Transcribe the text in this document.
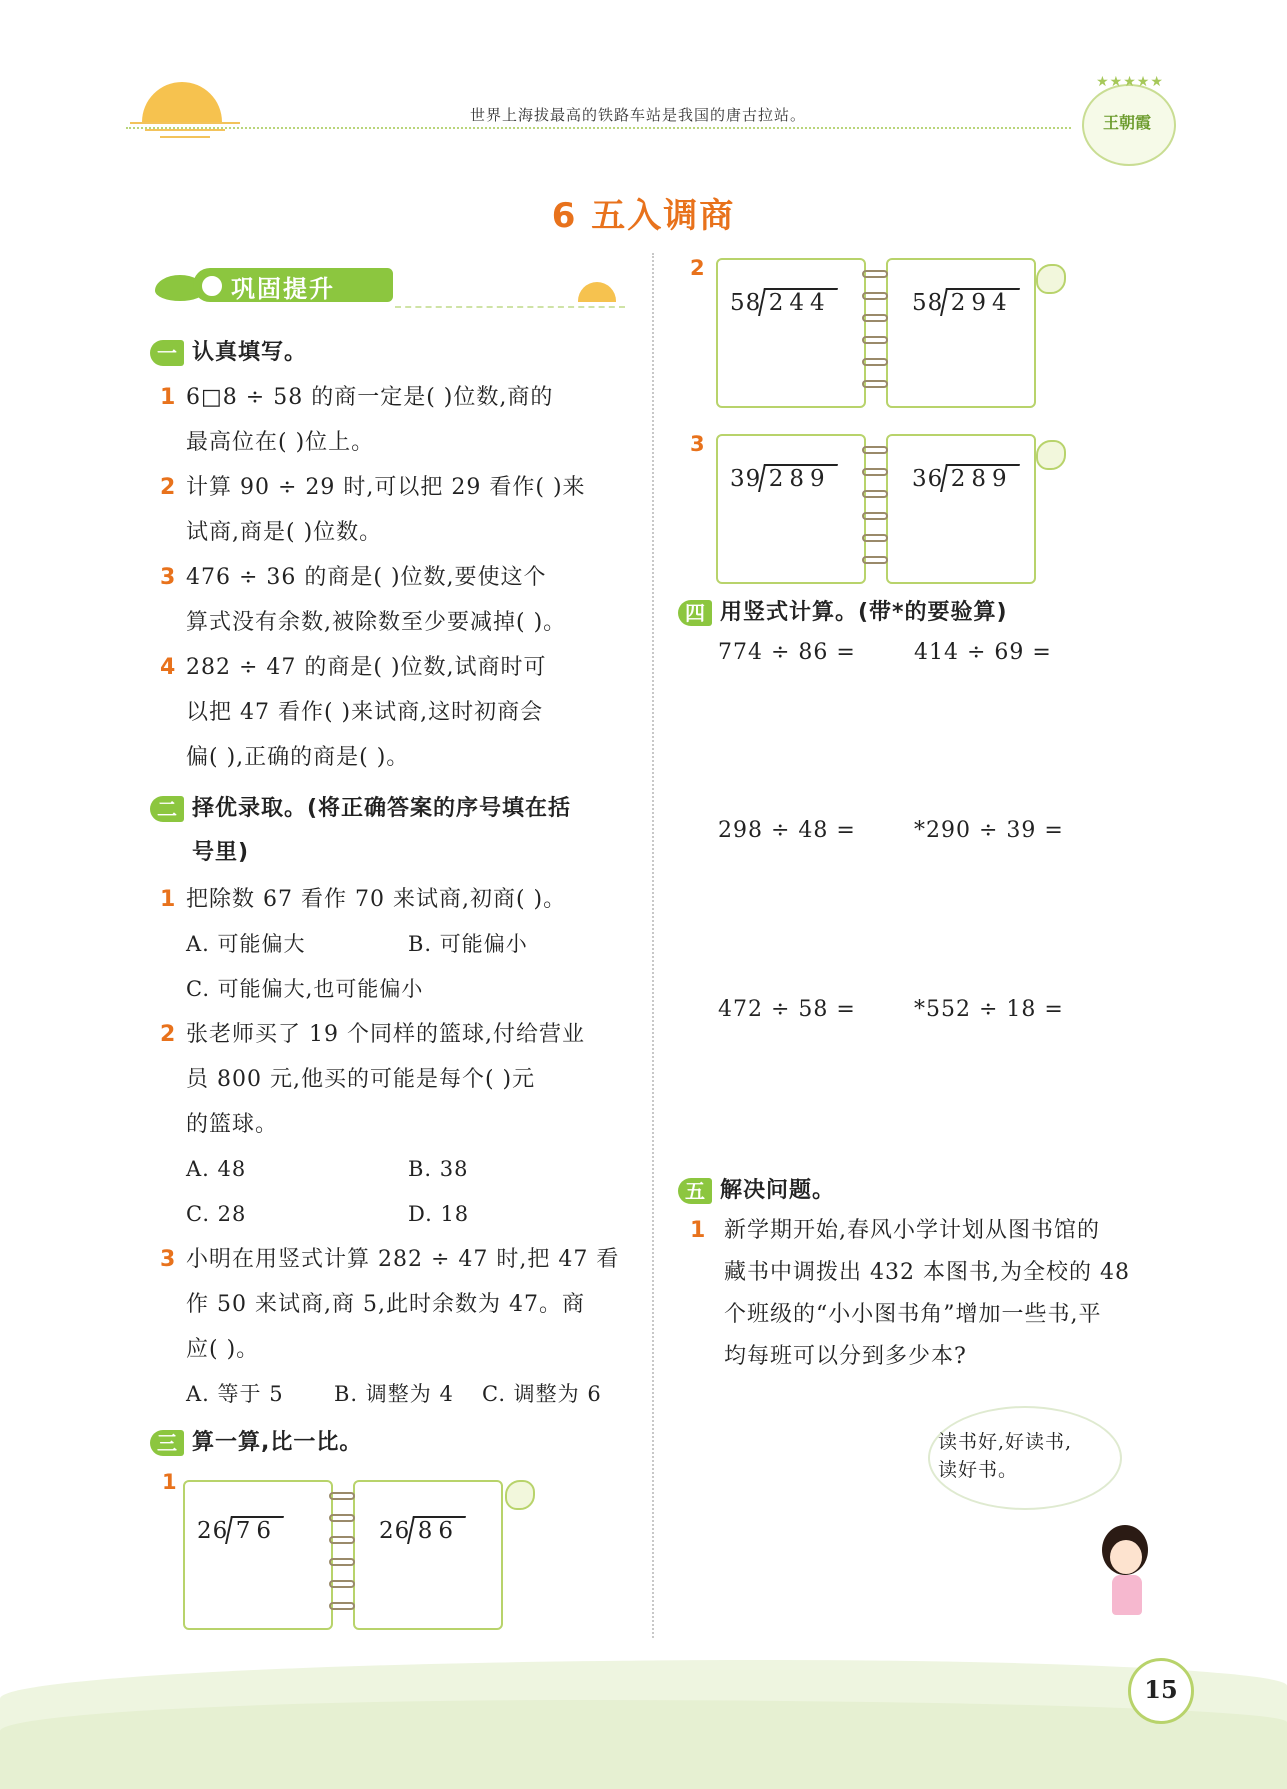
世界上海拔最高的铁路车站是我国的唐古拉站。
★★★★★
王朝霞
6 五入调商
巩固提升
一 认真填写。
1 6□8 ÷ 58 的商一定是( )位数,商的
最高位在( )位上。
2 计算 90 ÷ 29 时,可以把 29 看作( )来
试商,商是( )位数。
3 476 ÷ 36 的商是( )位数,要使这个
算式没有余数,被除数至少要减掉( )。
4 282 ÷ 47 的商是( )位数,试商时可
以把 47 看作( )来试商,这时初商会
偏( ),正确的商是( )。
二 择优录取。(将正确答案的序号填在括
号里)
1 把除数 67 看作 70 来试商,初商( )。
A. 可能偏大	B. 可能偏小
C. 可能偏大,也可能偏小
2 张老师买了 19 个同样的篮球,付给营业
员 800 元,他买的可能是每个( )元
的篮球。
A. 48	B. 38
C. 28	D. 18
3 小明在用竖式计算 282 ÷ 47 时,把 47 看
作 50 来试商,商 5,此时余数为 47。商
应( )。
A. 等于 5	B. 调整为 4	C. 调整为 6
三 算一算,比一比。
1
26 76	26 86
2
58 244	58 294
3
39 289	36 289
四 用竖式计算。(带*的要验算)
774 ÷ 86 =	414 ÷ 69 =
298 ÷ 48 =	*290 ÷ 39 =
472 ÷ 58 =	*552 ÷ 18 =
五 解决问题。
1 新学期开始,春风小学计划从图书馆的
藏书中调拨出 432 本图书,为全校的 48
个班级的“小小图书角”增加一些书,平
均每班可以分到多少本?
读书好,好读书,
读好书。
15
